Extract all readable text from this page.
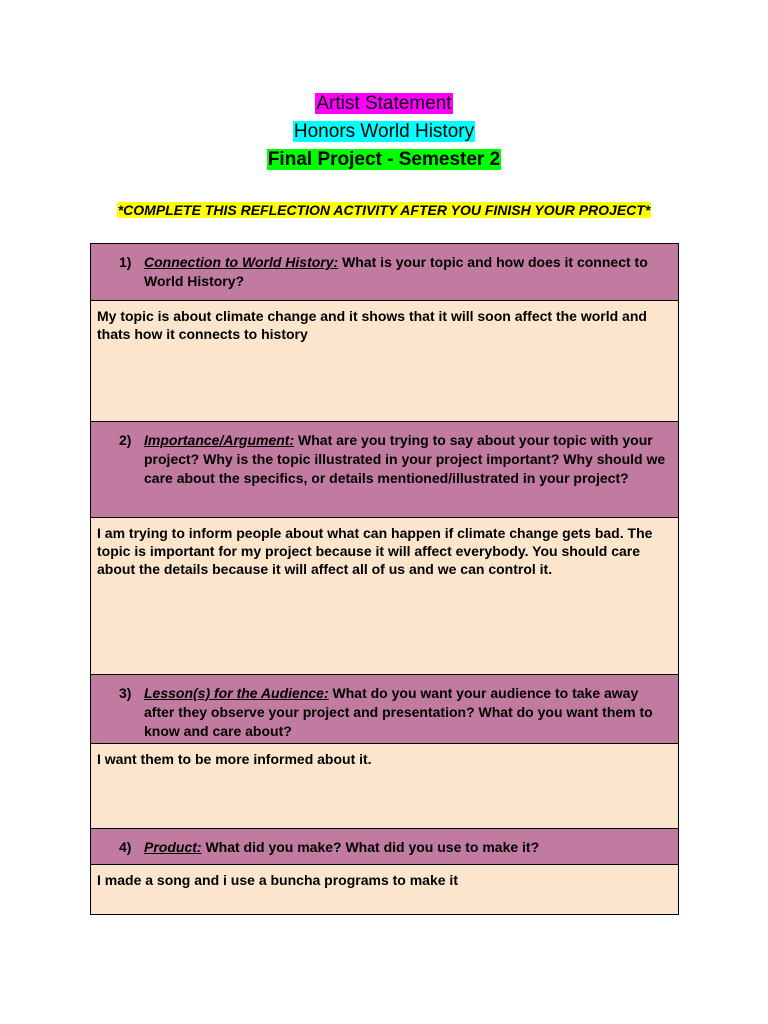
Artist Statement
Honors World History
Final Project - Semester 2
*COMPLETE THIS REFLECTION ACTIVITY AFTER YOU FINISH YOUR PROJECT*
1) Connection to World History: What is your topic and how does it connect to World History?

My topic is about climate change and it shows that it will soon affect the world and thats how it connects to history

2) Importance/Argument: What are you trying to say about your topic with your project? Why is the topic illustrated in your project important? Why should we care about the specifics, or details mentioned/illustrated in your project?

I am trying to inform people about what can happen if climate change gets bad. The topic is important for my project because it will affect everybody. You should care about the details because it will affect all of us and we can control it.

3) Lesson(s) for the Audience: What do you want your audience to take away after they observe your project and presentation? What do you want them to know and care about?

I want them to be more informed about it.

4) Product: What did you make? What did you use to make it?

I made a song and i use a buncha programs to make it
